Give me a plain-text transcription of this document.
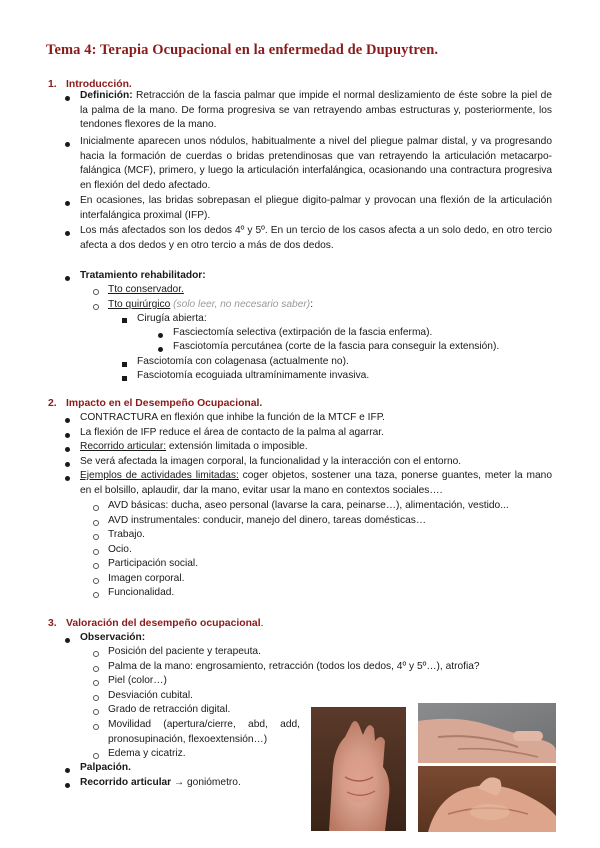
Tema 4: Terapia Ocupacional en la enfermedad de Dupuytren.
1. Introducción.
Definición: Retracción de la fascia palmar que impide el normal deslizamiento de éste sobre la piel de la palma de la mano. De forma progresiva se van retrayendo ambas estructuras y, posteriormente, los tendones flexores de la mano.
Inicialmente aparecen unos nódulos, habitualmente a nivel del pliegue palmar distal, y va progresando hacia la formación de cuerdas o bridas pretendinosas que van retrayendo la articulación metacarpo-falángica (MCF), primero, y luego la articulación interfalángica, ocasionando una contractura progresiva en flexión del dedo afectado.
En ocasiones, las bridas sobrepasan el pliegue digito-palmar y provocan una flexión de la articulación interfalángica proximal (IFP).
Los más afectados son los dedos 4º y 5º. En un tercio de los casos afecta a un solo dedo, en otro tercio afecta a dos dedos y en otro tercio a más de dos dedos.
Tratamiento rehabilitador:
Tto conservador.
Tto quirúrgico (solo leer, no necesario saber):
Cirugía abierta:
Fasciectomía selectiva (extirpación de la fascia enferma).
Fasciotomía percutánea (corte de la fascia para conseguir la extensión).
Fasciotomía con colagenasa (actualmente no).
Fasciotomía ecoguiada ultramínimamente invasiva.
2. Impacto en el Desempeño Ocupacional.
CONTRACTURA en flexión que inhibe la función de la MTCF e IFP.
La flexión de IFP reduce el área de contacto de la palma al agarrar.
Recorrido articular: extensión limitada o imposible.
Se verá afectada la imagen corporal, la funcionalidad y la interacción con el entorno.
Ejemplos de actividades limitadas: coger objetos, sostener una taza, ponerse guantes, meter la mano en el bolsillo, aplaudir, dar la mano, evitar usar la mano en contextos sociales….
AVD básicas: ducha, aseo personal (lavarse la cara, peinarse…), alimentación, vestido...
AVD instrumentales: conducir, manejo del dinero, tareas domésticas…
Trabajo.
Ocio.
Participación social.
Imagen corporal.
Funcionalidad.
3. Valoración del desempeño ocupacional.
Observación:
Posición del paciente y terapeuta.
Palma de la mano: engrosamiento, retracción (todos los dedos, 4º y 5º…), atrofia?
Piel (color…)
Desviación cubital.
Grado de retracción digital.
Movilidad (apertura/cierre, abd, add, pronosupinación, flexoextensión…)
Edema y cicatriz.
Palpación.
Recorrido articular → goniómetro.
